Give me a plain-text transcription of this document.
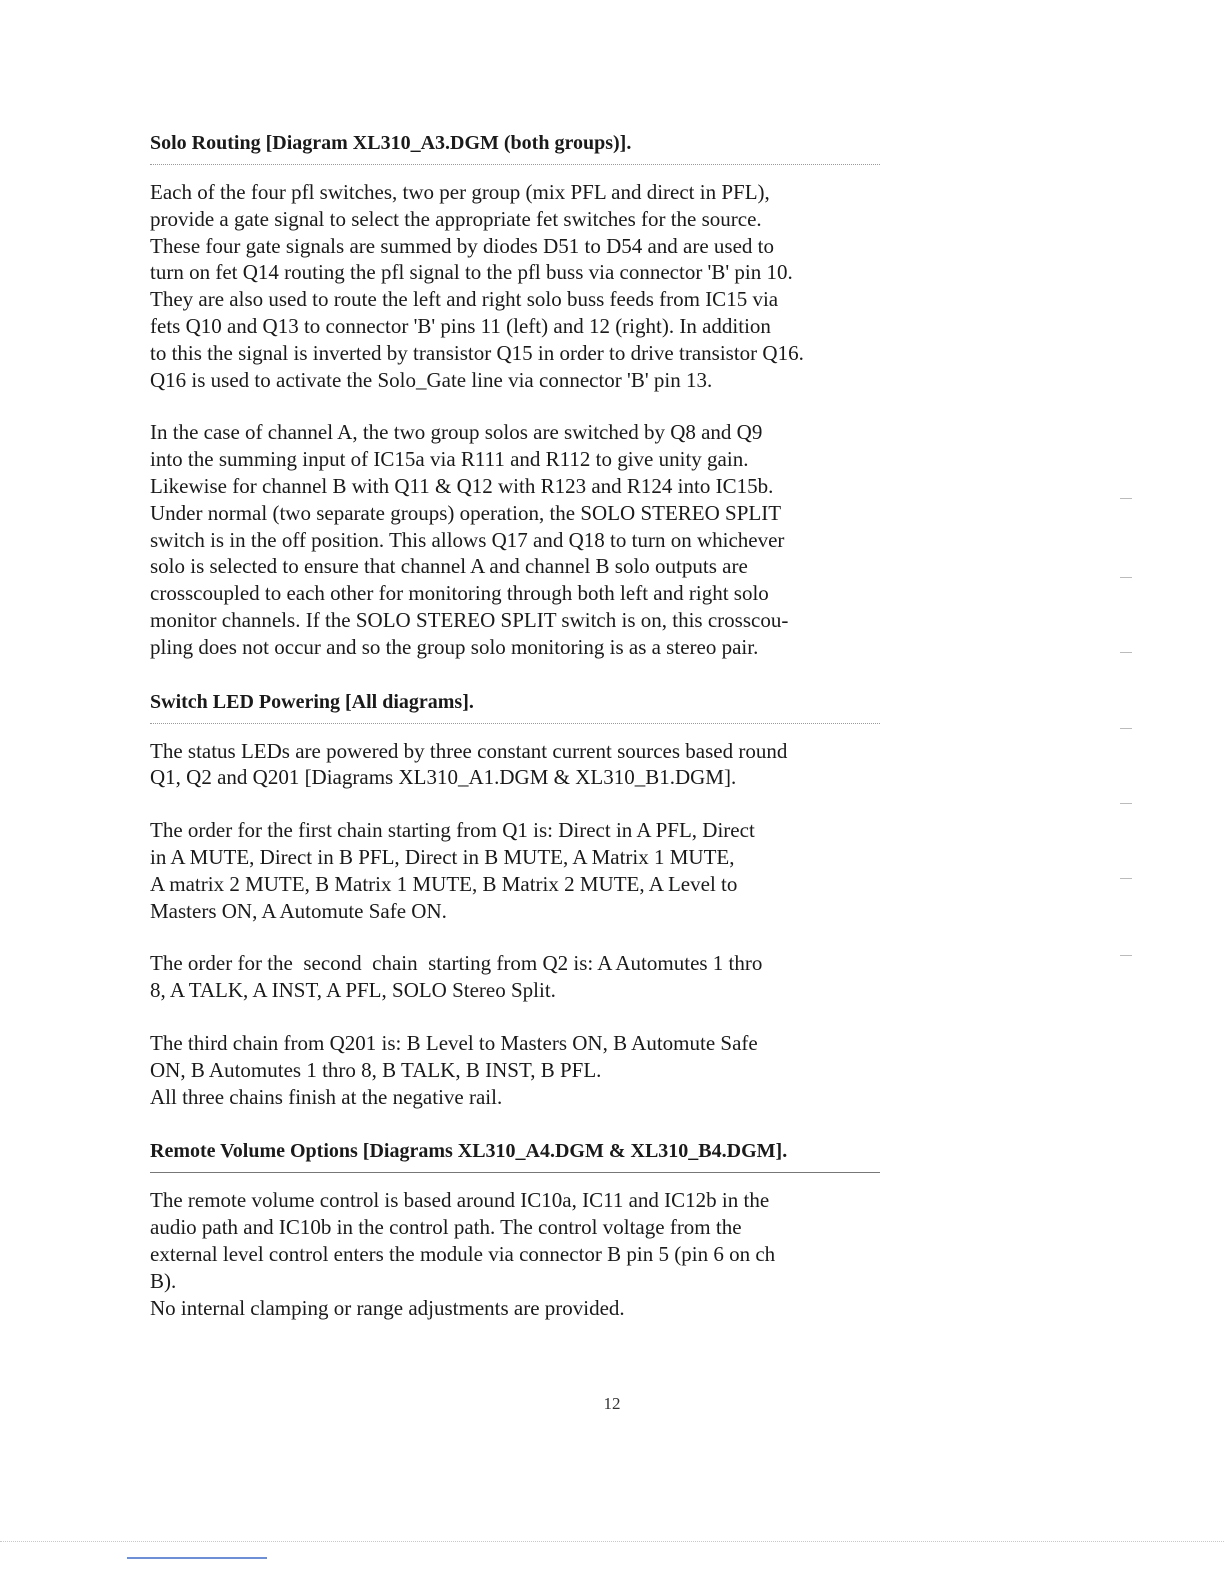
Solo Routing [Diagram XL310_A3.DGM (both groups)].

Each of the four pfl switches, two per group (mix PFL and direct in PFL),
provide a gate signal to select the appropriate fet switches for the source.
These four gate signals are summed by diodes D51 to D54 and are used to
turn on fet Q14 routing the pfl signal to the pfl buss via connector 'B' pin 10.
They are also used to route the left and right solo buss feeds from IC15 via
fets Q10 and Q13 to connector 'B' pins 11 (left) and 12 (right). In addition
to this the signal is inverted by transistor Q15 in order to drive transistor Q16.
Q16 is used to activate the Solo_Gate line via connector 'B' pin 13.

In the case of channel A, the two group solos are switched by Q8 and Q9
into the summing input of IC15a via R111 and R112 to give unity gain.
Likewise for channel B with Q11 & Q12 with R123 and R124 into IC15b.
Under normal (two separate groups) operation, the SOLO STEREO SPLIT
switch is in the off position. This allows Q17 and Q18 to turn on whichever
solo is selected to ensure that channel A and channel B solo outputs are
crosscoupled to each other for monitoring through both left and right solo
monitor channels. If the SOLO STEREO SPLIT switch is on, this crosscou-
pling does not occur and so the group solo monitoring is as a stereo pair.

Switch LED Powering [All diagrams].

The status LEDs are powered by three constant current sources based round
Q1, Q2 and Q201 [Diagrams XL310_A1.DGM & XL310_B1.DGM].

The order for the first chain starting from Q1 is: Direct in A PFL, Direct
in A MUTE, Direct in B PFL, Direct in B MUTE, A Matrix 1 MUTE,
A matrix 2 MUTE, B Matrix 1 MUTE, B Matrix 2 MUTE, A Level to
Masters ON, A Automute Safe ON.

The order for the  second  chain  starting from Q2 is: A Automutes 1 thro
8, A TALK, A INST, A PFL, SOLO Stereo Split.

The third chain from Q201 is: B Level to Masters ON, B Automute Safe
ON, B Automutes 1 thro 8, B TALK, B INST, B PFL.
All three chains finish at the negative rail.

Remote Volume Options [Diagrams XL310_A4.DGM & XL310_B4.DGM].

The remote volume control is based around IC10a, IC11 and IC12b in the
audio path and IC10b in the control path. The control voltage from the
external level control enters the module via connector B pin 5 (pin 6 on ch
B).
No internal clamping or range adjustments are provided.

12
